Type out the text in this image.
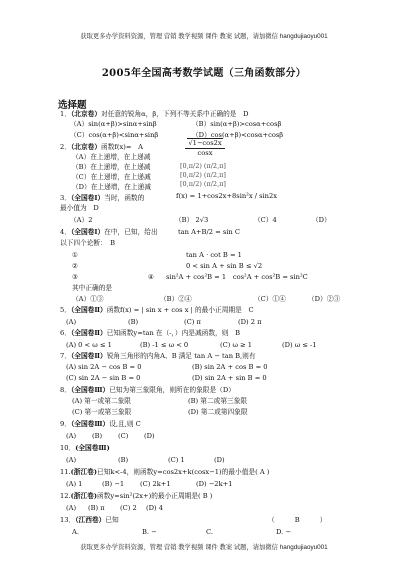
获取更多办学资料资源，管理 营销 教学视频 课件 教案 试题，请加微信 hangdujiaoyu001
获取更多办学资料资源，管理 营销 教学视频 课件 教案 试题，请加微信 hangdujiaoyu001
2005年全国高考数学试题（三角函数部分）
选择题
1．（北京卷）对任意的锐角α，β，下列不等关系中正确的是　D
（A）sin(α+β)>sinα+sinβ	（B）sin(α+β)>cosα+cosβ
（C）cos(α+β)<sinα+sinβ	（D）cos(α+β)<cosα+cosβ
2．（北京卷）函数f(x)=　A	√1−cos2x
cosx
（A）在上递增，在上递减
（B）在上递增，在上递减
（C）在上递增，在上递减
（D）在上递增，在上递减
[0,π/2) (π/2,π]
[0,π/2) (π/2,π]
[0,π/2) (π/2,π]
3．（全国卷Ⅰ）当时，函数的	f(x) = 1+cos2x+8sin²x / sin2x
最小值为　D
（A）2	（B） 2√3	（C）4	（D）
4．（全国卷Ⅰ）在中，已知，给出	tan A+B/2 = sin C
以下四个论断：　B
①	tan A · cot B = 1
②	0 < sin A + sin B ≤ √2
③	④ sin²A + cos²B = 1　cos²A + cos²B = sin²C
其中正确的是
（A）①③	（B）②④	（C）①④	（D）②③
5．（全国卷Ⅱ）函数f(x) = | sin x + cos x | 的最小正周期是　C
(A)	(B)	(C) π	(D) 2 π
6．（全国卷Ⅱ）已知函数y=tan 在（-，）内是减函数，则　B
(A) 0 < ω ≤ 1	(B) -1 ≤ ω < 0	(C) ω ≥ 1	(D) ω ≤ -1
7．（全国卷Ⅱ）锐角三角形的内角A、B 满足 tan A − tan B,则有
(A) sin 2A − cos B = 0	(B) sin 2A + cos B = 0
(C) sin 2A − sin B = 0	(D) sin 2A + sin B = 0
8．（全国卷Ⅲ）已知为第三象限角，则所在的象限是（D）
(A) 第一或第二象限	(B) 第二或第三象限
(C) 第一或第三象限	(D) 第二或第四象限
9．（全国卷Ⅲ）设,且,则 C
(A) (B) (C) (D)
10．(全国卷Ⅲ)
(A)	(B)	(C) 1	(D)
11.(浙江卷)已知k<-4，则函数y=cos2x+k(cosx−1)的最小值是( A )
(A) 1	(B) −1 (C) 2k+1	(D) −2k+1
12.(浙江卷)函数y=sin²(2x+)的最小正周期是( B )
(A) (B) π (C) 2 (D) 4
13．（江西卷）已知	（　　　B　　　）
A.	B. −	C.	D. −
